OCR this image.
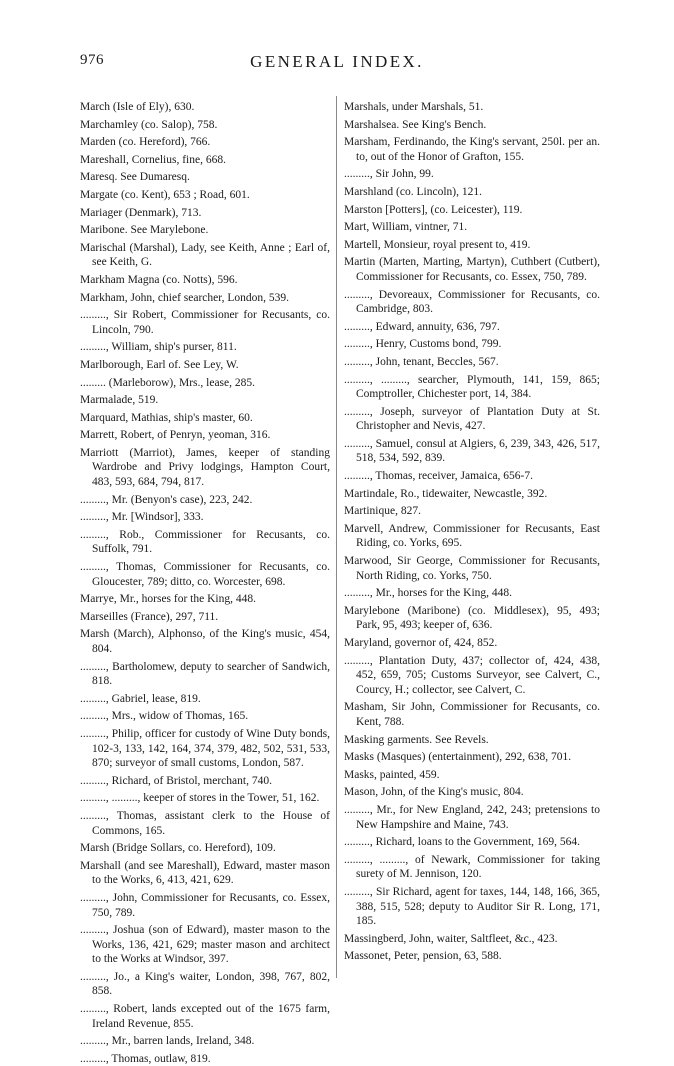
976	GENERAL INDEX.

March (Isle of Ely), 630.

Marchamley (co. Salop), 758.

Marden (co. Hereford), 766.

Mareshall, Cornelius, fine, 668.

Maresq. See Dumaresq.

Margate (co. Kent), 653 ; Road, 601.

Mariager (Denmark), 713.

Maribone. See Marylebone.

Marischal (Marshal), Lady, see Keith, Anne ; Earl of, see Keith, G.

Markham Magna (co. Notts), 596.

Markham, John, chief searcher, London, 539.

........., Sir Robert, Commissioner for Recusants, co. Lincoln, 790.

........., William, ship's purser, 811.

Marlborough, Earl of. See Ley, W.

......... (Marleborow), Mrs., lease, 285.

Marmalade, 519.

Marquard, Mathias, ship's master, 60.

Marrett, Robert, of Penryn, yeoman, 316.

Marriott (Marriot), James, keeper of standing Wardrobe and Privy lodgings, Hampton Court, 483, 593, 684, 794, 817.

........., Mr. (Benyon's case), 223, 242.

........., Mr. [Windsor], 333.

........., Rob., Commissioner for Recusants, co. Suffolk, 791.

........., Thomas, Commissioner for Recusants, co. Gloucester, 789; ditto, co. Worcester, 698.

Marrye, Mr., horses for the King, 448.

Marseilles (France), 297, 711.

Marsh (March), Alphonso, of the King's music, 454, 804.

........., Bartholomew, deputy to searcher of Sandwich, 818.

........., Gabriel, lease, 819.

........., Mrs., widow of Thomas, 165.

........., Philip, officer for custody of Wine Duty bonds, 102-3, 133, 142, 164, 374, 379, 482, 502, 531, 533, 870; surveyor of small customs, London, 587.

........., Richard, of Bristol, merchant, 740.

........., ........., keeper of stores in the Tower, 51, 162.

........., Thomas, assistant clerk to the House of Commons, 165.

Marsh (Bridge Sollars, co. Hereford), 109.

Marshall (and see Mareshall), Edward, master mason to the Works, 6, 413, 421, 629.

........., John, Commissioner for Recusants, co. Essex, 750, 789.

........., Joshua (son of Edward), master mason to the Works, 136, 421, 629; master mason and architect to the Works at Windsor, 397.

........., Jo., a King's waiter, London, 398, 767, 802, 858.

........., Robert, lands excepted out of the 1675 farm, Ireland Revenue, 855.

........., Mr., barren lands, Ireland, 348.

........., Thomas, outlaw, 819.

Marshals, under Marshals, 51.

Marshalsea. See King's Bench.

Marsham, Ferdinando, the King's servant, 250l. per an. to, out of the Honor of Grafton, 155.

........., Sir John, 99.

Marshland (co. Lincoln), 121.

Marston [Potters], (co. Leicester), 119.

Mart, William, vintner, 71.

Martell, Monsieur, royal present to, 419.

Martin (Marten, Marting, Martyn), Cuthbert (Cutbert), Commissioner for Recusants, co. Essex, 750, 789.

........., Devoreaux, Commissioner for Recusants, co. Cambridge, 803.

........., Edward, annuity, 636, 797.

........., Henry, Customs bond, 799.

........., John, tenant, Beccles, 567.

........., ........., searcher, Plymouth, 141, 159, 865; Comptroller, Chichester port, 14, 384.

........., Joseph, surveyor of Plantation Duty at St. Christopher and Nevis, 427.

........., Samuel, consul at Algiers, 6, 239, 343, 426, 517, 518, 534, 592, 839.

........., Thomas, receiver, Jamaica, 656-7.

Martindale, Ro., tidewaiter, Newcastle, 392.

Martinique, 827.

Marvell, Andrew, Commissioner for Recusants, East Riding, co. Yorks, 695.

Marwood, Sir George, Commissioner for Recusants, North Riding, co. Yorks, 750.

........., Mr., horses for the King, 448.

Marylebone (Maribone) (co. Middlesex), 95, 493; Park, 95, 493; keeper of, 636.

Maryland, governor of, 424, 852.

........., Plantation Duty, 437; collector of, 424, 438, 452, 659, 705; Customs Surveyor, see Calvert, C., Courcy, H.; collector, see Calvert, C.

Masham, Sir John, Commissioner for Recusants, co. Kent, 788.

Masking garments. See Revels.

Masks (Masques) (entertainment), 292, 638, 701.

Masks, painted, 459.

Mason, John, of the King's music, 804.

........., Mr., for New England, 242, 243; pretensions to New Hampshire and Maine, 743.

........., Richard, loans to the Government, 169, 564.

........., ........., of Newark, Commissioner for taking surety of M. Jennison, 120.

........., Sir Richard, agent for taxes, 144, 148, 166, 365, 388, 515, 528; deputy to Auditor Sir R. Long, 171, 185.

Massingberd, John, waiter, Saltfleet, &c., 423.

Massonet, Peter, pension, 63, 588.
